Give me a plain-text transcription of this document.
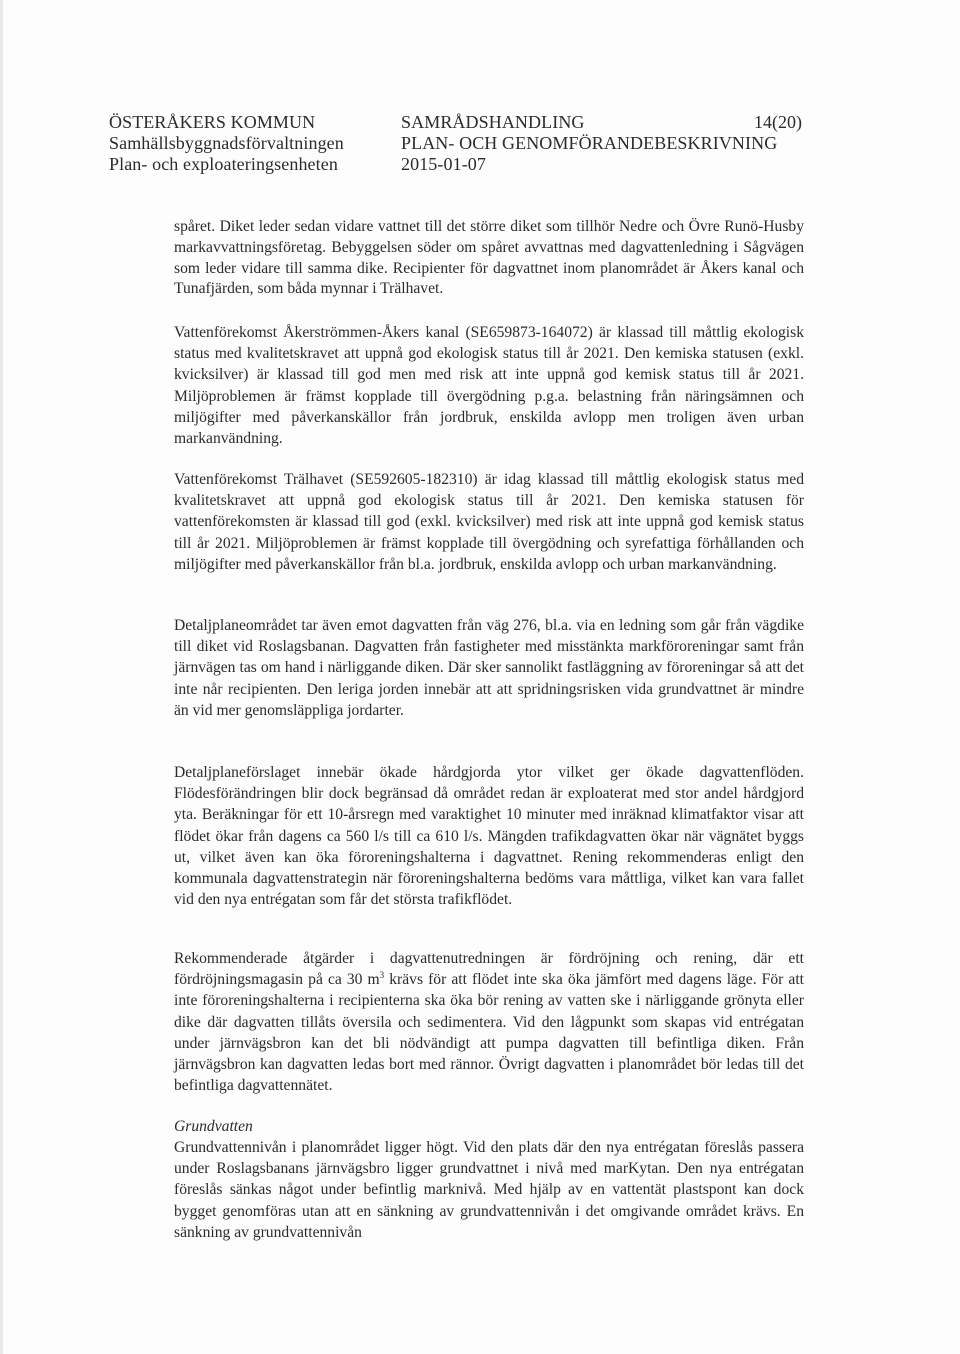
ÖSTERÅKERS KOMMUN
Samhällsbyggnadsförvaltningen
Plan- och exploateringsenheten
SAMRÅDSHANDLING
PLAN- OCH GENOMFÖRANDEBESKRIVNING
2015-01-07
14(20)

spåret. Diket leder sedan vidare vattnet till det större diket som tillhör Nedre och Övre Runö-Husby markavvattningsföretag. Bebyggelsen söder om spåret avvattnas med dagvattenledning i Sågvägen som leder vidare till samma dike. Recipienter för dagvattnet inom planområdet är Åkers kanal och Tunafjärden, som båda mynnar i Trälhavet.

Vattenförekomst Åkerströmmen-Åkers kanal (SE659873-164072) är klassad till måttlig ekologisk status med kvalitetskravet att uppnå god ekologisk status till år 2021. Den kemiska statusen (exkl. kvicksilver) är klassad till god men med risk att inte uppnå god kemisk status till år 2021. Miljöproblemen är främst kopplade till övergödning p.g.a. belastning från näringsämnen och miljögifter med påverkanskällor från jordbruk, enskilda avlopp men troligen även urban markanvändning.

Vattenförekomst Trälhavet (SE592605-182310) är idag klassad till måttlig ekologisk status med kvalitetskravet att uppnå god ekologisk status till år 2021. Den kemiska statusen för vattenförekomsten är klassad till god (exkl. kvicksilver) med risk att inte uppnå god kemisk status till år 2021. Miljöproblemen är främst kopplade till övergödning och syrefattiga förhållanden och miljögifter med påverkanskällor från bl.a. jordbruk, enskilda avlopp och urban markanvändning.

Detaljplaneområdet tar även emot dagvatten från väg 276, bl.a. via en ledning som går från vägdike till diket vid Roslagsbanan. Dagvatten från fastigheter med misstänkta markföroreningar samt från järnvägen tas om hand i närliggande diken. Där sker sannolikt fastläggning av föroreningar så att det inte når recipienten. Den leriga jorden innebär att att spridningsrisken vida grundvattnet är mindre än vid mer genomsläppliga jordarter.

Detaljplaneförslaget innebär ökade hårdgjorda ytor vilket ger ökade dagvattenflöden. Flödesförändringen blir dock begränsad då området redan är exploaterat med stor andel hårdgjord yta. Beräkningar för ett 10-årsregn med varaktighet 10 minuter med inräknad klimatfaktor visar att flödet ökar från dagens ca 560 l/s till ca 610 l/s. Mängden trafikdagvatten ökar när vägnätet byggs ut, vilket även kan öka föroreningshalterna i dagvattnet. Rening rekommenderas enligt den kommunala dagvattenstrategin när föroreningshalterna bedöms vara måttliga, vilket kan vara fallet vid den nya entrégatan som får det största trafikflödet.

Rekommenderade åtgärder i dagvattenutredningen är fördröjning och rening, där ett fördröjningsmagasin på ca 30 $m^3$ krävs för att flödet inte ska öka jämfört med dagens läge. För att inte föroreningshalterna i recipienterna ska öka bör rening av vatten ske i närliggande grönyta eller dike där dagvatten tillåts översila och sedimentera. Vid den lågpunkt som skapas vid entrégatan under järnvägsbron kan det bli nödvändigt att pumpa dagvatten till befintliga diken. Från järnvägsbron kan dagvatten ledas bort med rännor. Övrigt dagvatten i planområdet bör ledas till det befintliga dagvattennätet.

Grundvatten

Grundvattennivån i planområdet ligger högt. Vid den plats där den nya entrégatan föreslås passera under Roslagsbanans järnvägsbro ligger grundvattnet i nivå med marKytan. Den nya entrégatan föreslås sänkas något under befintlig marknivå. Med hjälp av en vattentät plastspont kan dock bygget genomföras utan att en sänkning av grundvattennivån i det omgivande området krävs. En sänkning av grundvattennivån
